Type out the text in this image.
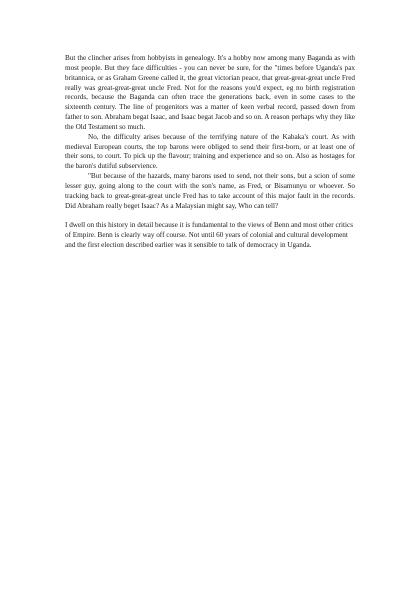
But the clincher arises from hobbyists in genealogy. It's a hobby now among many Baganda as with most people. But they face difficulties - you can never be sure, for the "times before Uganda's pax britannica, or as Graham Greene called it, the great victorian peace, that great-great-great uncle Fred really was great-great-great uncle Fred. Not for the reasons you'd expect, eg no birth registration records, because the Baganda can often trace the generations back, even in some cases to the sixteenth century. The line of progenitors was a matter of keen verbal record, passed down from father to son. Abraham begat Isaac, and Isaac begat Jacob and so on. A reason perhaps why they like the Old Testament so much.

No, the difficulty arises because of the terrifying nature of the Kabaka's court. As with medieval European courts, the top barons were obliged to send their first-born, or at least one of their sons, to court. To pick up the flavour; training and experience and so on. Also as hostages for the baron's dutiful subservience.

"But because of the hazards, many barons used to send, not their sons, but a scion of some lesser guy, going along to the court with the son's name, as Fred, or Bisamunyu or whoever. So tracking back to great-great-great uncle Fred has to take account of this major fault in the records. Did Abraham really beget Isaac? As a Malaysian might say, Who can tell?

I dwell on this history in detail because it is fundamental to the views of Benn and most other critics of Empire. Benn is clearly way off course. Not until 60 years of colonial and cultural development and the first election described earlier was it sensible to talk of democracy in Uganda.
